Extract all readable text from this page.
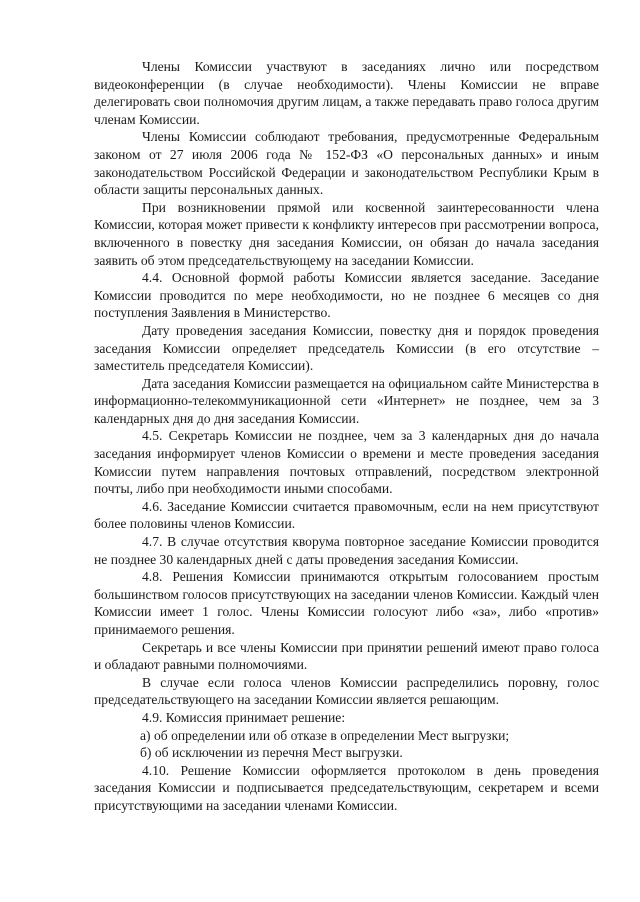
Члены Комиссии участвуют в заседаниях лично или посредством видеоконференции (в случае необходимости). Члены Комиссии не вправе делегировать свои полномочия другим лицам, а также передавать право голоса другим членам Комиссии.

Члены Комиссии соблюдают требования, предусмотренные Федеральным законом от 27 июля 2006 года № 152-ФЗ «О персональных данных» и иным законодательством Российской Федерации и законодательством Республики Крым в области защиты персональных данных.

При возникновении прямой или косвенной заинтересованности члена Комиссии, которая может привести к конфликту интересов при рассмотрении вопроса, включенного в повестку дня заседания Комиссии, он обязан до начала заседания заявить об этом председательствующему на заседании Комиссии.

4.4. Основной формой работы Комиссии является заседание. Заседание Комиссии проводится по мере необходимости, но не позднее 6 месяцев со дня поступления Заявления в Министерство.

Дату проведения заседания Комиссии, повестку дня и порядок проведения заседания Комиссии определяет председатель Комиссии (в его отсутствие – заместитель председателя Комиссии).

Дата заседания Комиссии размещается на официальном сайте Министерства в информационно-телекоммуникационной сети «Интернет» не позднее, чем за 3 календарных дня до дня заседания Комиссии.

4.5. Секретарь Комиссии не позднее, чем за 3 календарных дня до начала заседания информирует членов Комиссии о времени и месте проведения заседания Комиссии путем направления почтовых отправлений, посредством электронной почты, либо при необходимости иными способами.

4.6. Заседание Комиссии считается правомочным, если на нем присутствуют более половины членов Комиссии.

4.7. В случае отсутствия кворума повторное заседание Комиссии проводится не позднее 30 календарных дней с даты проведения заседания Комиссии.

4.8. Решения Комиссии принимаются открытым голосованием простым большинством голосов присутствующих на заседании членов Комиссии. Каждый член Комиссии имеет 1 голос. Члены Комиссии голосуют либо «за», либо «против» принимаемого решения.

Секретарь и все члены Комиссии при принятии решений имеют право голоса и обладают равными полномочиями.

В случае если голоса членов Комиссии распределились поровну, голос председательствующего на заседании Комиссии является решающим.

4.9. Комиссия принимает решение:

а) об определении или об отказе в определении Мест выгрузки;

б) об исключении из перечня Мест выгрузки.

4.10. Решение Комиссии оформляется протоколом в день проведения заседания Комиссии и подписывается председательствующим, секретарем и всеми присутствующими на заседании членами Комиссии.
